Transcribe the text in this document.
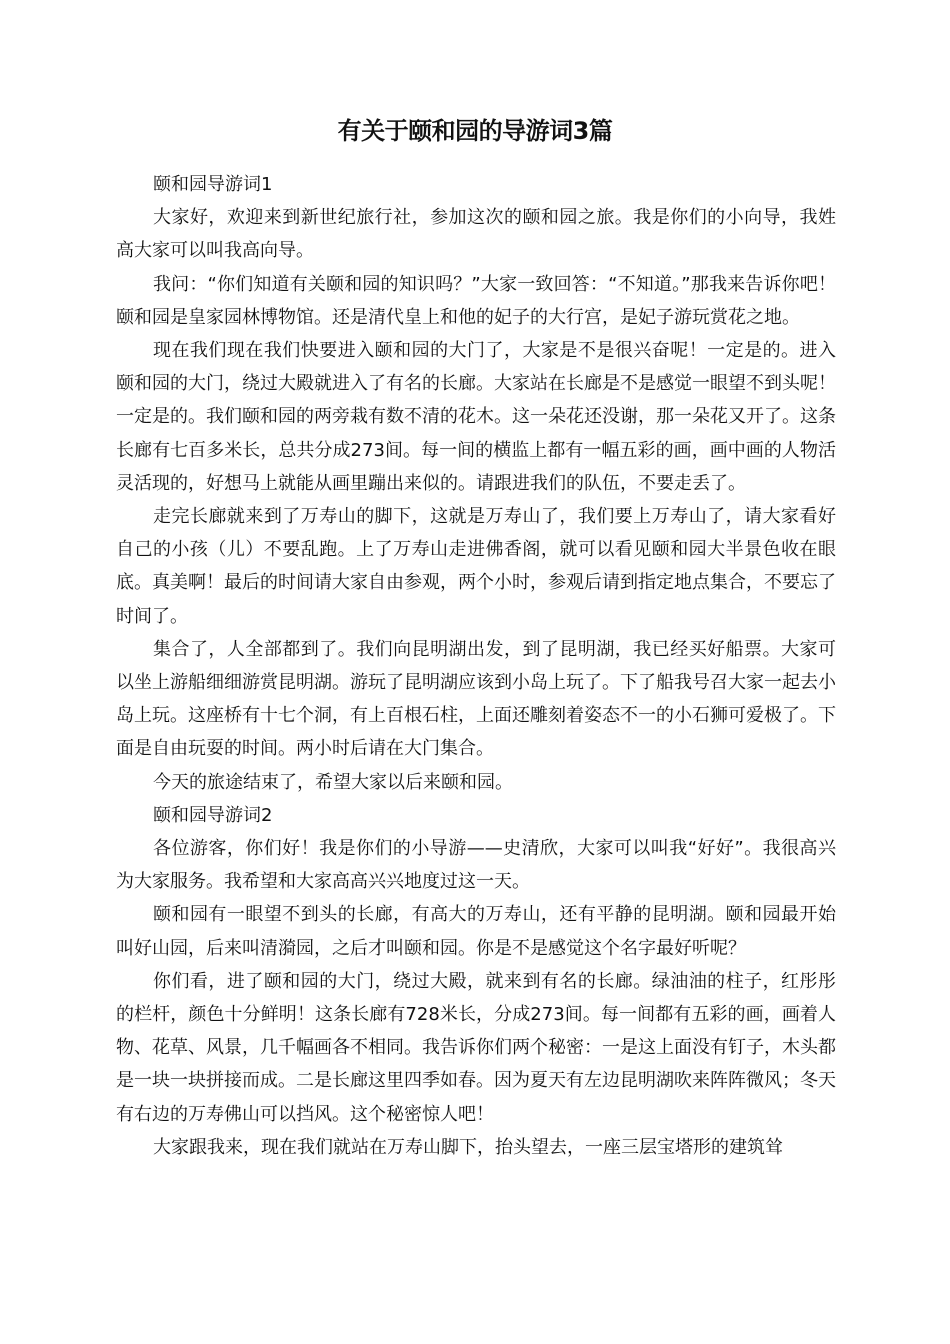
有关于颐和园的导游词3篇

颐和园导游词1

大家好，欢迎来到新世纪旅行社，参加这次的颐和园之旅。我是你们的小向导，我姓高大家可以叫我高向导。

我问：“你们知道有关颐和园的知识吗？”大家一致回答：“不知道。”那我来告诉你吧！颐和园是皇家园林博物馆。还是清代皇上和他的妃子的大行宫，是妃子游玩赏花之地。

现在我们现在我们快要进入颐和园的大门了，大家是不是很兴奋呢！一定是的。进入颐和园的大门，绕过大殿就进入了有名的长廊。大家站在长廊是不是感觉一眼望不到头呢！一定是的。我们颐和园的两旁栽有数不清的花木。这一朵花还没谢，那一朵花又开了。这条长廊有七百多米长，总共分成273间。每一间的横监上都有一幅五彩的画，画中画的人物活灵活现的，好想马上就能从画里蹦出来似的。请跟进我们的队伍，不要走丢了。

走完长廊就来到了万寿山的脚下，这就是万寿山了，我们要上万寿山了，请大家看好自己的小孩（儿）不要乱跑。上了万寿山走进佛香阁，就可以看见颐和园大半景色收在眼底。真美啊！最后的时间请大家自由参观，两个小时，参观后请到指定地点集合，不要忘了时间了。

集合了，人全部都到了。我们向昆明湖出发，到了昆明湖，我已经买好船票。大家可以坐上游船细细游赏昆明湖。游玩了昆明湖应该到小岛上玩了。下了船我号召大家一起去小岛上玩。这座桥有十七个洞，有上百根石柱，上面还雕刻着姿态不一的小石狮可爱极了。下面是自由玩耍的时间。两小时后请在大门集合。

今天的旅途结束了，希望大家以后来颐和园。

颐和园导游词2

各位游客，你们好！我是你们的小导游——史清欣，大家可以叫我“好好”。我很高兴为大家服务。我希望和大家高高兴兴地度过这一天。

颐和园有一眼望不到头的长廊，有高大的万寿山，还有平静的昆明湖。颐和园最开始叫好山园，后来叫清漪园，之后才叫颐和园。你是不是感觉这个名字最好听呢？

你们看，进了颐和园的大门，绕过大殿，就来到有名的长廊。绿油油的柱子，红彤彤的栏杆，颜色十分鲜明！这条长廊有728米长，分成273间。每一间都有五彩的画，画着人物、花草、风景，几千幅画各不相同。我告诉你们两个秘密：一是这上面没有钉子，木头都是一块一块拼接而成。二是长廊这里四季如春。因为夏天有左边昆明湖吹来阵阵微风；冬天有右边的万寿佛山可以挡风。这个秘密惊人吧！

大家跟我来，现在我们就站在万寿山脚下，抬头望去，一座三层宝塔形的建筑耸
